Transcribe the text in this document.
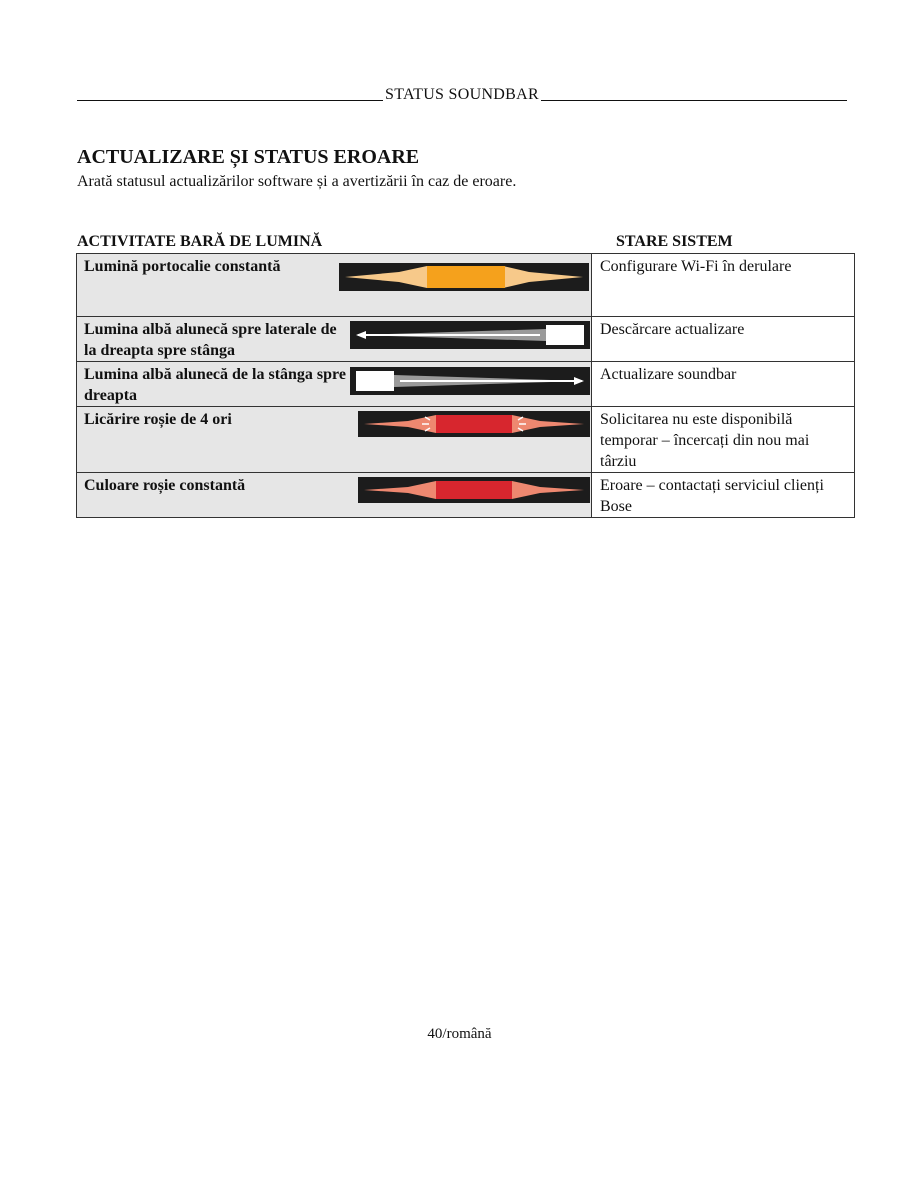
STATUS SOUNDBAR
ACTUALIZARE ȘI STATUS EROARE

Arată statusul actualizărilor software și a avertizării în caz de eroare.

ACTIVITATE BARĂ DE LUMINĂ	STARE SISTEM

Lumină portocalie constantă	Configurare Wi-Fi în derulare

Lumina albă alunecă spre laterale de la dreapta spre stânga	Descărcare actualizare

Lumina albă alunecă de la stânga spre dreapta	Actualizare soundbar

Licărire roșie de 4 ori	Solicitarea nu este disponibilă temporar – încercați din nou mai târziu

Culoare roșie constantă	Eroare – contactați serviciul clienți Bose
40/română
